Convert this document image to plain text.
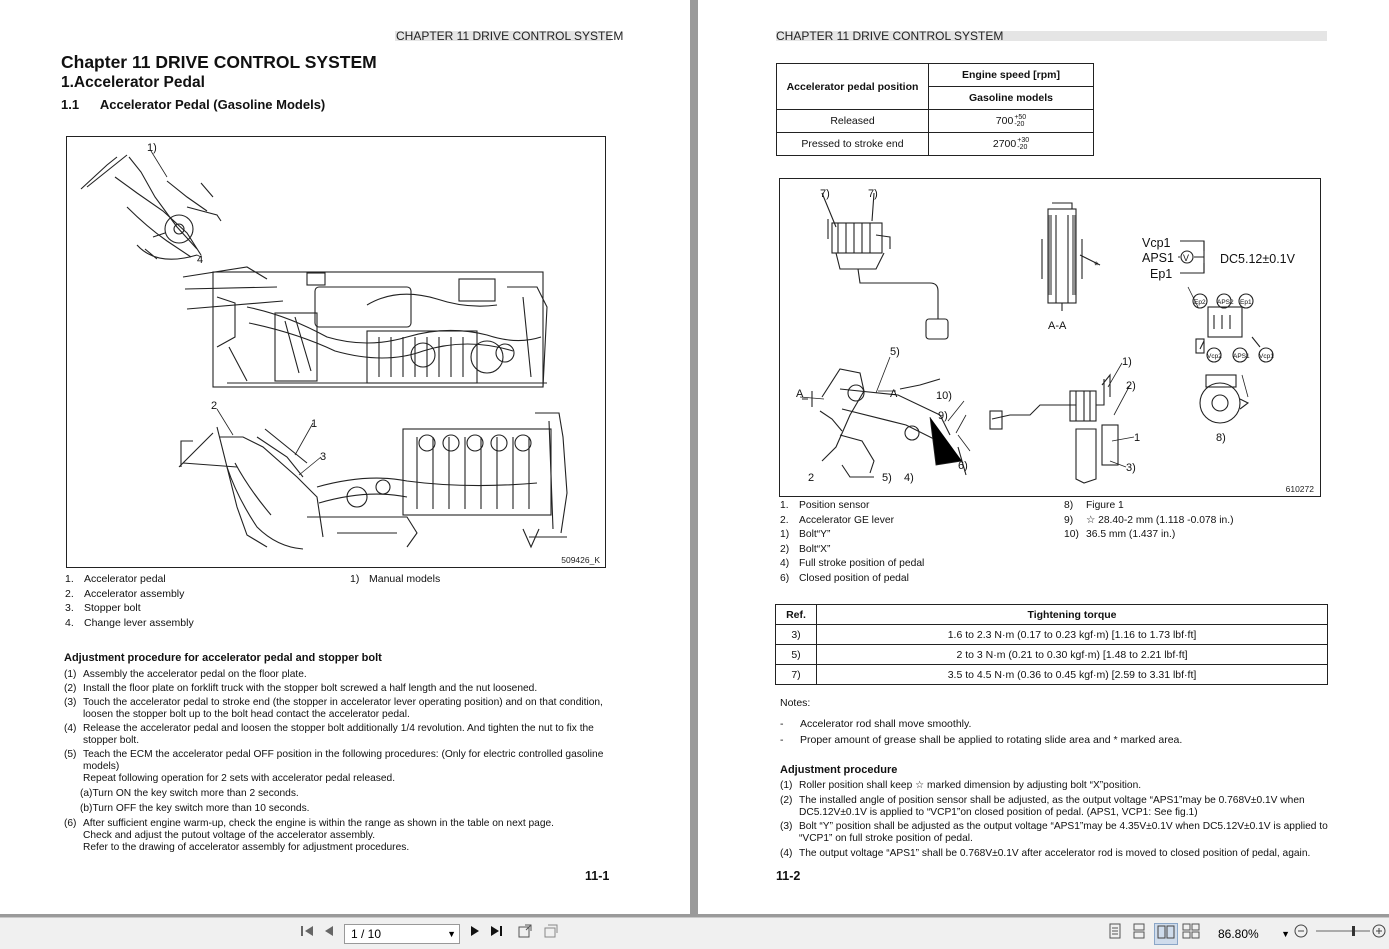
CHAPTER 11 DRIVE CONTROL SYSTEM
Chapter 11 DRIVE CONTROL SYSTEM
1.Accelerator Pedal
1.1 Accelerator Pedal (Gasoline Models)
1)
4
2
1
3
509426_K
1. Accelerator pedal
2. Accelerator assembly
3. Stopper bolt
4. Change lever assembly
1) Manual models
Adjustment procedure for accelerator pedal and stopper bolt
(1) Assembly the accelerator pedal on the floor plate.
(2) Install the floor plate on forklift truck with the stopper bolt screwed a half length and the nut loosened.
(3) Touch the accelerator pedal to stroke end (the stopper in accelerator lever operating position) and on that condition, loosen the stopper bolt up to the bolt head contact the accelerator pedal.
(4) Release the accelerator pedal and loosen the stopper bolt additionally 1/4 revolution. And tighten the nut to fix the stopper bolt.
(5) Teach the ECM the accelerator pedal OFF position in the following procedures: (Only for electric controlled gasoline models)
Repeat following operation for 2 sets with accelerator pedal released.
(a)Turn ON the key switch more than 2 seconds.
(b)Turn OFF the key switch more than 10 seconds.
(6) After sufficient engine warm-up, check the engine is within the range as shown in the table on next page.
Check and adjust the putout voltage of the accelerator assembly.
Refer to the drawing of accelerator assembly for adjustment procedures.
11-1
CHAPTER 11 DRIVE CONTROL SYSTEM
Accelerator pedal position	Engine speed [rpm]
	Gasoline models
Released	700+50
-20
Pressed to stroke end	2700+30
-20
7)	7)
5)
A	A	10)
9)
2	5) 4)
6)
A-A
*
Vcp1
APS1
Ep1
V DC5.12±0.1V
Ep2 APS2 Ep1
Vcp2 APS1 Vcp1
1)
2)
1
3)
8)
610272
1. Position sensor
2. Accelerator GE lever
1) Bolt“Y”
2) Bolt“X”
4) Full stroke position of pedal
6) Closed position of pedal
8) Figure 1
9) ☆ 28.40-2 mm (1.118 -0.078 in.)
10) 36.5 mm (1.437 in.)
Ref.	Tightening torque
3)	1.6 to 2.3 N·m (0.17 to 0.23 kgf·m) [1.16 to 1.73 lbf·ft]
5)	2 to 3 N·m (0.21 to 0.30 kgf·m) [1.48 to 2.21 lbf·ft]
7)	3.5 to 4.5 N·m (0.36 to 0.45 kgf·m) [2.59 to 3.31 lbf·ft]
Notes:
- Accelerator rod shall move smoothly.
- Proper amount of grease shall be applied to rotating slide area and * marked area.
Adjustment procedure
(1) Roller position shall keep ☆ marked dimension by adjusting bolt “X”position.
(2) The installed angle of position sensor shall be adjusted, as the output voltage “APS1”may be 0.768V±0.1V when DC5.12V±0.1V is applied to “VCP1”on closed position of pedal. (APS1, VCP1: See fig.1)
(3) Bolt “Y” position shall be adjusted as the output voltage “APS1”may be 4.35V±0.1V when DC5.12V±0.1V is applied to “VCP1” on full stroke position of pedal.
(4) The output voltage “APS1” shall be 0.768V±0.1V after accelerator rod is moved to closed position of pedal, again.
11-2
1 / 10	▼	86.80% ▼
